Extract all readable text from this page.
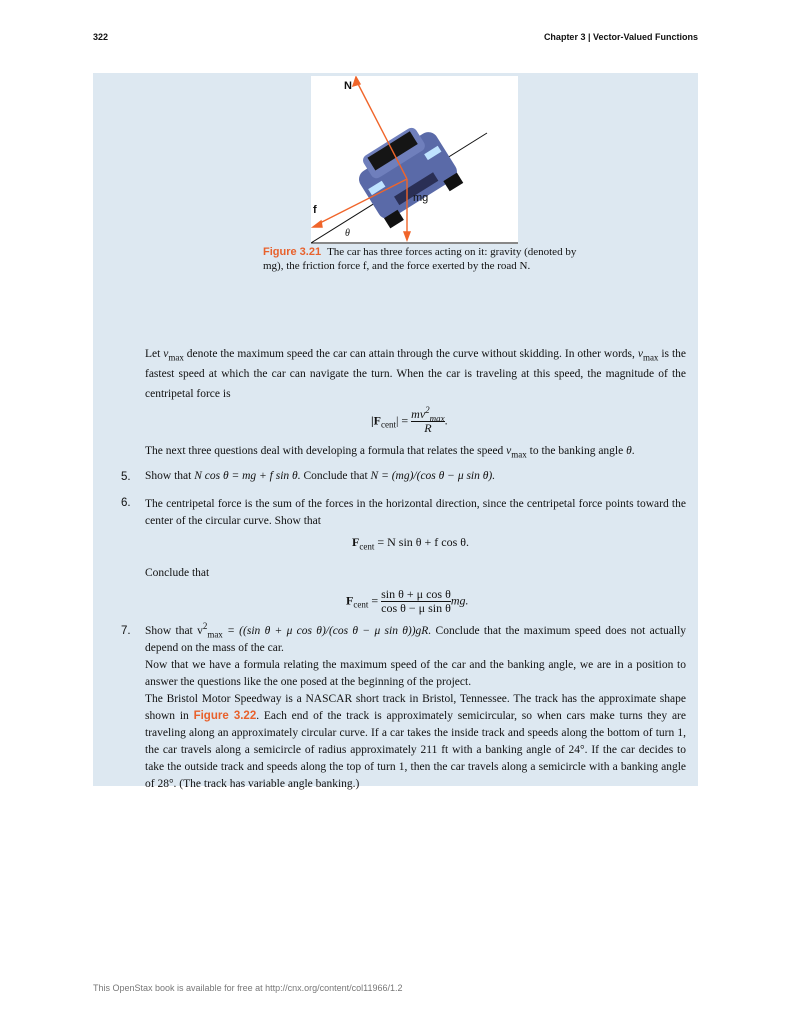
322	Chapter 3 | Vector-Valued Functions
N
f
mg
θ
Figure 3.21 The car has three forces acting on it: gravity (denoted by mg), the friction force f, and the force exerted by the road N.
Let $v_{max}$ denote the maximum speed the car can attain through the curve without skidding. In other words, $v_{max}$ is the fastest speed at which the car can navigate the turn. When the car is traveling at this speed, the magnitude of the centripetal force is
$|F_{cent}| = \frac{mv^2_{max}}{R}$ .
The next three questions deal with developing a formula that relates the speed $v_{max}$ to the banking angle θ.
5. Show that N cos θ = mg + f sin θ. Conclude that N = (mg)/(cos θ − μ sin θ).
6. The centripetal force is the sum of the forces in the horizontal direction, since the centripetal force points toward the center of the circular curve. Show that
$F_{cent} = N$ sin θ + f cos θ.
Conclude that
$F_{cent} = \frac{\text{sin θ + μ cos θ}}{\text{cos θ − μ sin θ}}$ mg.
7. Show that $v^2_{max} = ((\sin$ θ + μ cos θ)/(cos θ − μ sin θ))gR. Conclude that the maximum speed does not actually depend on the mass of the car.
Now that we have a formula relating the maximum speed of the car and the banking angle, we are in a position to answer the questions like the one posed at the beginning of the project.
The Bristol Motor Speedway is a NASCAR short track in Bristol, Tennessee. The track has the approximate shape shown in Figure 3.22. Each end of the track is approximately semicircular, so when cars make turns they are traveling along an approximately circular curve. If a car takes the inside track and speeds along the bottom of turn 1, the car travels along a semicircle of radius approximately 211 ft with a banking angle of 24°. If the car decides to take the outside track and speeds along the top of turn 1, then the car travels along a semicircle with a banking angle of 28°. (The track has variable angle banking.)
This OpenStax book is available for free at http://cnx.org/content/col11966/1.2
